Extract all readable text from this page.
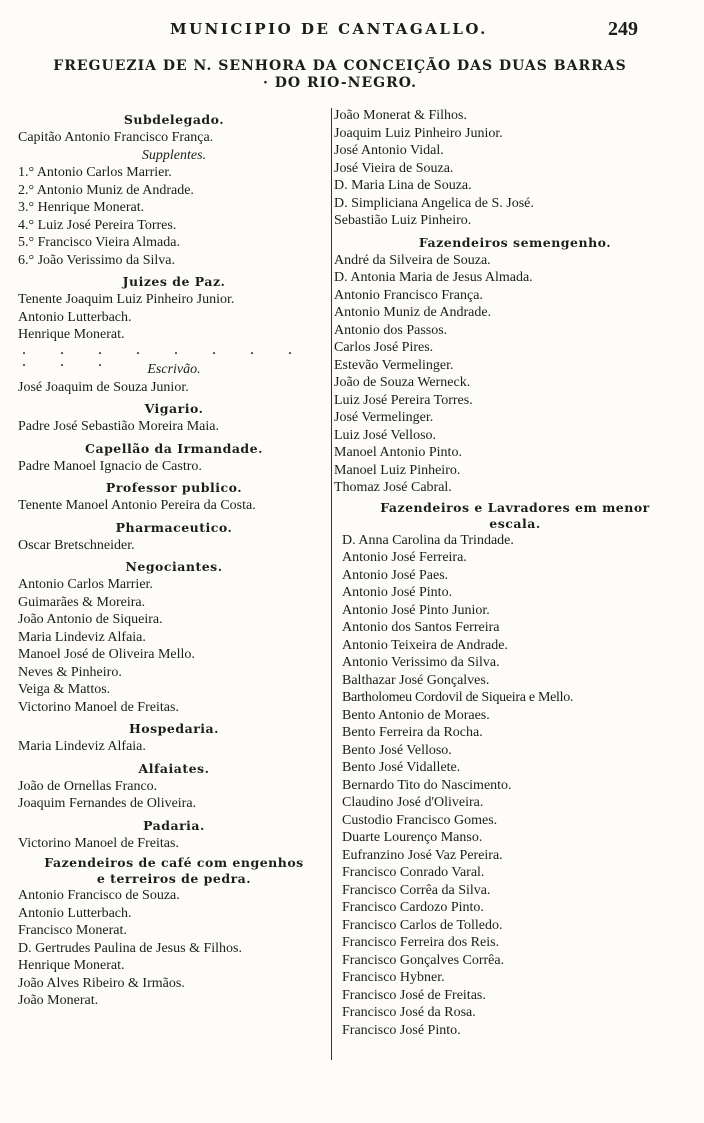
MUNICIPIO DE CANTAGALLO.	249
FREGUEZIA DE N. SENHORA DA CONCEIÇÃO DAS DUAS BARRAS
· DO RIO-NEGRO.
Subdelegado.
Capitão Antonio Francisco França.
Supplentes.
1.° Antonio Carlos Marrier.
2.° Antonio Muniz de Andrade.
3.° Henrique Monerat.
4.° Luiz José Pereira Torres.
5.° Francisco Vieira Almada.
6.° João Verissimo da Silva.
Juizes de Paz.
Tenente Joaquim Luiz Pinheiro Junior.
Antonio Lutterbach.
Henrique Monerat.
. . . . . . . . . . .	Escrivão.
José Joaquim de Souza Junior.
Vigario.
Padre José Sebastião Moreira Maia.
Capellão da Irmandade.
Padre Manoel Ignacio de Castro.
Professor publico.
Tenente Manoel Antonio Pereira da Costa.
Pharmaceutico.
Oscar Bretschneider.
Negociantes.
Antonio Carlos Marrier.
Guimarães & Moreira.
João Antonio de Siqueira.
Maria Lindeviz Alfaia.
Manoel José de Oliveira Mello.
Neves & Pinheiro.
Veiga & Mattos.
Victorino Manoel de Freitas.
Hospedaria.
Maria Lindeviz Alfaia.
Alfaiates.
João de Ornellas Franco.
Joaquim Fernandes de Oliveira.
Padaria.
Victorino Manoel de Freitas.
Fazendeiros de café com engenhos
e terreiros de pedra.
Antonio Francisco de Souza.
Antonio Lutterbach.
Francisco Monerat.
D. Gertrudes Paulina de Jesus & Filhos.
Henrique Monerat.
João Alves Ribeiro & Irmãos.
João Monerat.
João Monerat & Filhos.
Joaquim Luiz Pinheiro Junior.
José Antonio Vidal.
José Vieira de Souza.
D. Maria Lina de Souza.
D. Simpliciana Angelica de S. José.
Sebastião Luiz Pinheiro.
Fazendeiros semengenho.
André da Silveira de Souza.
D. Antonia Maria de Jesus Almada.
Antonio Francisco França.
Antonio Muniz de Andrade.
Antonio dos Passos.
Carlos José Pires.
Estevão Vermelinger.
João de Souza Werneck.
Luiz José Pereira Torres.
José Vermelinger.
Luiz José Velloso.
Manoel Antonio Pinto.
Manoel Luiz Pinheiro.
Thomaz José Cabral.
Fazendeiros e Lavradores em menor
escala.
D. Anna Carolina da Trindade.
Antonio José Ferreira.
Antonio José Paes.
Antonio José Pinto.
Antonio José Pinto Junior.
Antonio dos Santos Ferreira
Antonio Teixeira de Andrade.
Antonio Verissimo da Silva.
Balthazar José Gonçalves.
Bartholomeu Cordovil de Siqueira e Mello.
Bento Antonio de Moraes.
Bento Ferreira da Rocha.
Bento José Velloso.
Bento José Vidallete.
Bernardo Tito do Nascimento.
Claudino José d'Oliveira.
Custodio Francisco Gomes.
Duarte Lourenço Manso.
Eufranzino José Vaz Pereira.
Francisco Conrado Varal.
Francisco Corrêa da Silva.
Francisco Cardozo Pinto.
Francisco Carlos de Tolledo.
Francisco Ferreira dos Reis.
Francisco Gonçalves Corrêa.
Francisco Hybner.
Francisco José de Freitas.
Francisco José da Rosa.
Francisco José Pinto.
